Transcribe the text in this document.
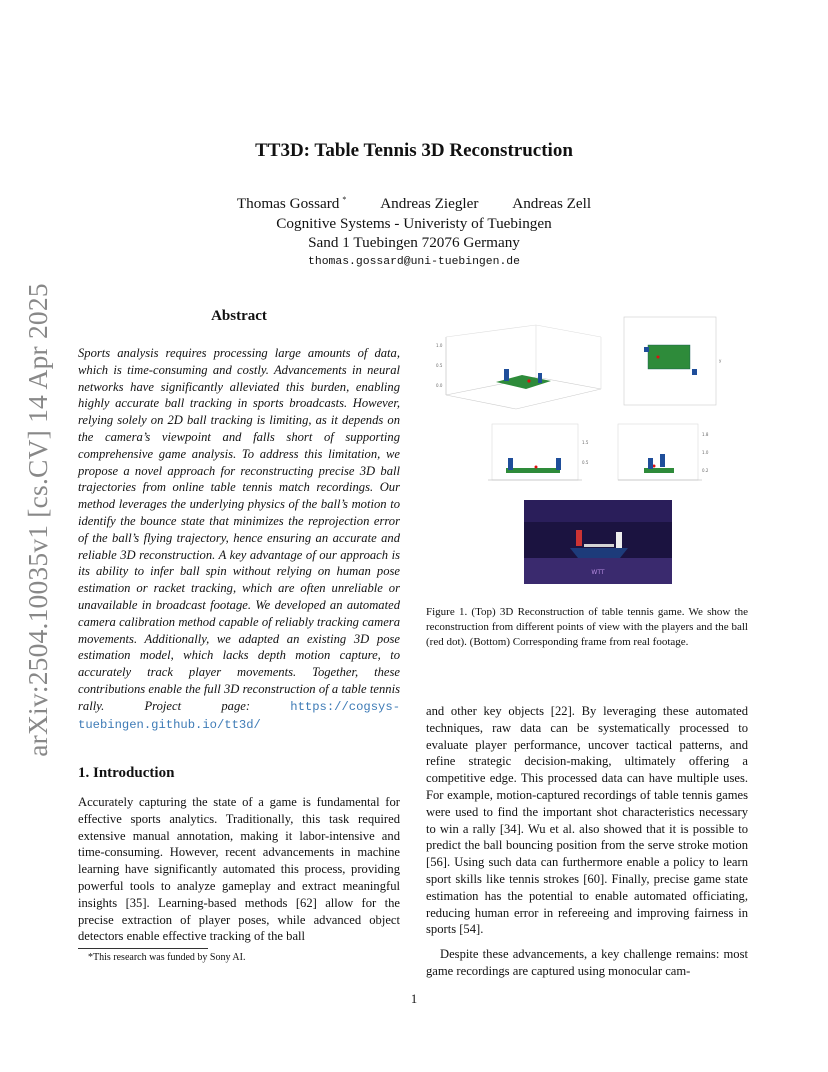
arXiv:2504.10035v1 [cs.CV] 14 Apr 2025
TT3D: Table Tennis 3D Reconstruction
Thomas Gossard * Andreas Ziegler Andreas Zell
Cognitive Systems - Univeristy of Tuebingen
Sand 1 Tuebingen 72076 Germany
thomas.gossard@uni-tuebingen.de
Abstract

Sports analysis requires processing large amounts of data, which is time-consuming and costly. Advancements in neural networks have significantly alleviated this burden, enabling highly accurate ball tracking in sports broadcasts. However, relying solely on 2D ball tracking is limiting, as it depends on the camera’s viewpoint and falls short of supporting comprehensive game analysis. To address this limitation, we propose a novel approach for reconstructing precise 3D ball trajectories from online table tennis match recordings. Our method leverages the underlying physics of the ball’s motion to identify the bounce state that minimizes the reprojection error of the ball’s flying trajectory, hence ensuring an accurate and reliable 3D reconstruction. A key advantage of our approach is its ability to infer ball spin without relying on human pose estimation or racket tracking, which are often unreliable or unavailable in broadcast footage. We developed an automated camera calibration method capable of reliably tracking camera movements. Additionally, we adapted an existing 3D pose estimation model, which lacks depth motion capture, to accurately track player movements. Together, these contributions enable the full 3D reconstruction of a table tennis rally. Project page:	https://cogsys-tuebingen.github.io/tt3d/

1. Introduction

Accurately capturing the state of a game is fundamental for effective sports analytics. Traditionally, this task required extensive manual annotation, making it labor-intensive and time-consuming. However, recent advancements in machine learning have significantly automated this process, providing powerful tools to analyze gameplay and extract meaningful insights [35]. Learning-based methods [62] allow for the precise extraction of player poses, while advanced object detectors enable effective tracking of the ball

1.0
0.5
0.0
y
1.5
0.5
1.8
1.0
0.2
WTT
Figure 1. (Top) 3D Reconstruction of table tennis game. We show the reconstruction from different points of view with the players and the ball (red dot). (Bottom) Corresponding frame from real footage.

and other key objects [22]. By leveraging these automated techniques, raw data can be systematically processed to evaluate player performance, uncover tactical patterns, and refine strategic decision-making, ultimately offering a competitive edge. This processed data can have multiple uses. For example, motion-captured recordings of table tennis games were used to find the important shot characteristics necessary to win a rally [34]. Wu et al. also showed that it is possible to predict the ball bouncing position from the serve stroke motion [56]. Using such data can furthermore enable a policy to learn sport skills like tennis strokes [60]. Finally, precise game state estimation has the potential to enable automated officiating, reducing human error in refereeing and improving fairness in sports [54].

Despite these advancements, a key challenge remains: most game recordings are captured using monocular cam-

*This research was funded by Sony AI.
1
